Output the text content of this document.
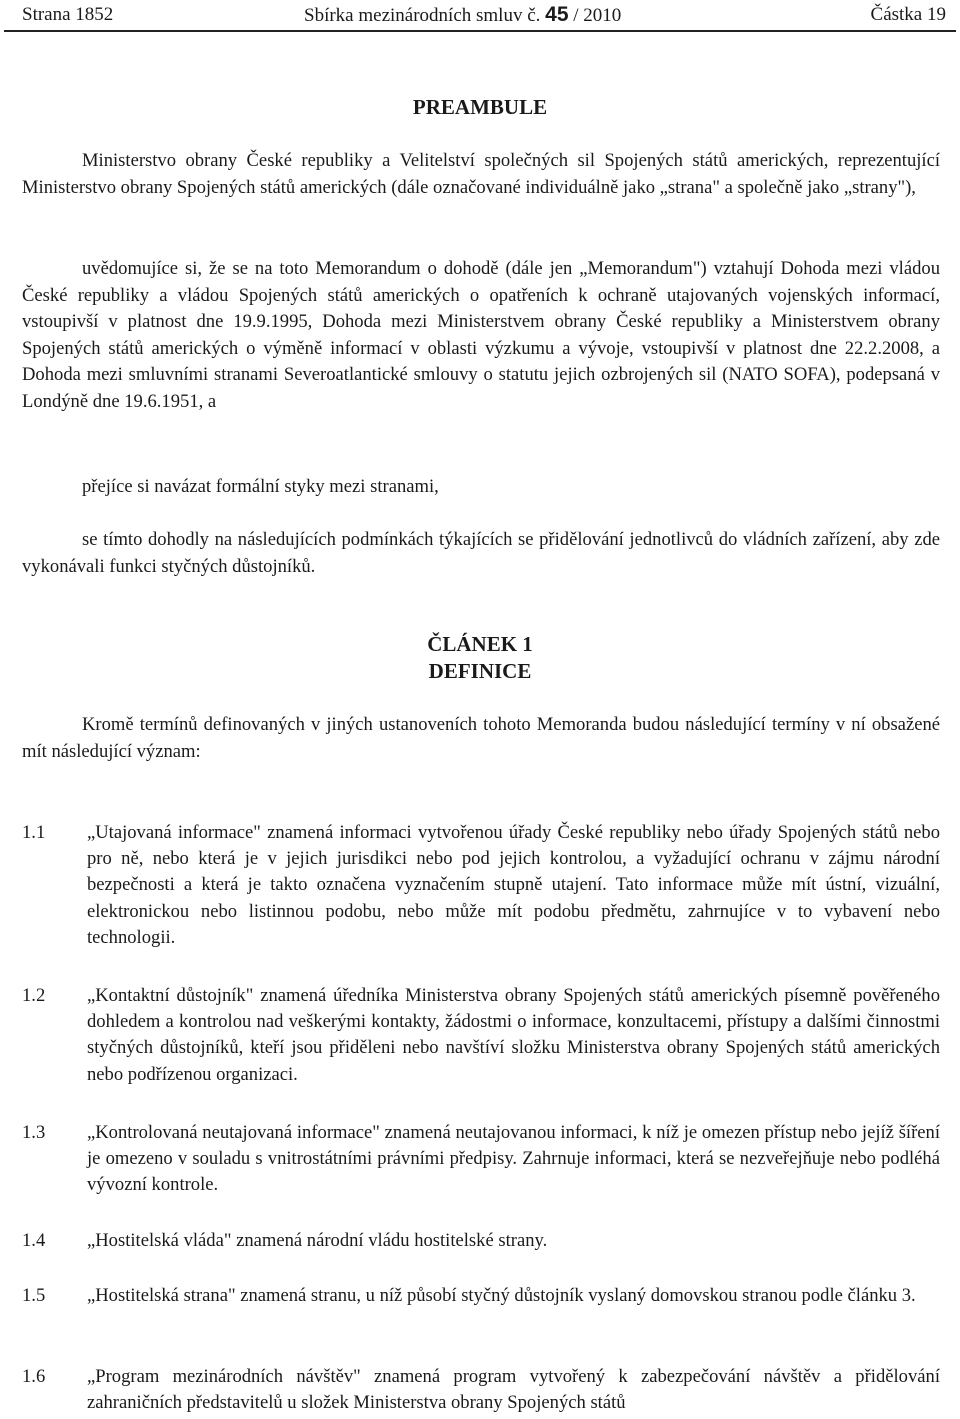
Strana 1852	Sbírka mezinárodních smluv č. 45 / 2010	Částka 19
PREAMBULE
Ministerstvo obrany České republiky a Velitelství společných sil Spojených států amerických, reprezentující Ministerstvo obrany Spojených států amerických (dále označované individuálně jako „strana" a společně jako „strany"),
uvědomujíce si, že se na toto Memorandum o dohodě (dále jen „Memorandum") vztahují Dohoda mezi vládou České republiky a vládou Spojených států amerických o opatřeních k ochraně utajovaných vojenských informací, vstoupivší v platnost dne 19.9.1995, Dohoda mezi Ministerstvem obrany České republiky a Ministerstvem obrany Spojených států amerických o výměně informací v oblasti výzkumu a vývoje, vstoupivší v platnost dne 22.2.2008, a Dohoda mezi smluvními stranami Severoatlantické smlouvy o statutu jejich ozbrojených sil (NATO SOFA), podepsaná v Londýně dne 19.6.1951, a
přejíce si navázat formální styky mezi stranami,
se tímto dohodly na následujících podmínkách týkajících se přidělování jednotlivců do vládních zařízení, aby zde vykonávali funkci styčných důstojníků.
ČLÁNEK 1
DEFINICE
Kromě termínů definovaných v jiných ustanoveních tohoto Memoranda budou následující termíny v ní obsažené mít následující význam:
1.1 „Utajovaná informace" znamená informaci vytvořenou úřady České republiky nebo úřady Spojených států nebo pro ně, nebo která je v jejich jurisdikci nebo pod jejich kontrolou, a vyžadující ochranu v zájmu národní bezpečnosti a která je takto označena vyznačením stupně utajení. Tato informace může mít ústní, vizuální, elektronickou nebo listinnou podobu, nebo může mít podobu předmětu, zahrnujíce v to vybavení nebo technologii.
1.2 „Kontaktní důstojník" znamená úředníka Ministerstva obrany Spojených států amerických písemně pověřeného dohledem a kontrolou nad veškerými kontakty, žádostmi o informace, konzultacemi, přístupy a dalšími činnostmi styčných důstojníků, kteří jsou přiděleni nebo navštíví složku Ministerstva obrany Spojených států amerických nebo podřízenou organizaci.
1.3 „Kontrolovaná neutajovaná informace" znamená neutajovanou informaci, k níž je omezen přístup nebo jejíž šíření je omezeno v souladu s vnitrostátními právními předpisy. Zahrnuje informaci, která se nezveřejňuje nebo podléhá vývozní kontrole.
1.4 „Hostitelská vláda" znamená národní vládu hostitelské strany.
1.5 „Hostitelská strana" znamená stranu, u níž působí styčný důstojník vyslaný domovskou stranou podle článku 3.
1.6 „Program mezinárodních návštěv" znamená program vytvořený k zabezpečování návštěv a přidělování zahraničních představitelů u složek Ministerstva obrany Spojených států
